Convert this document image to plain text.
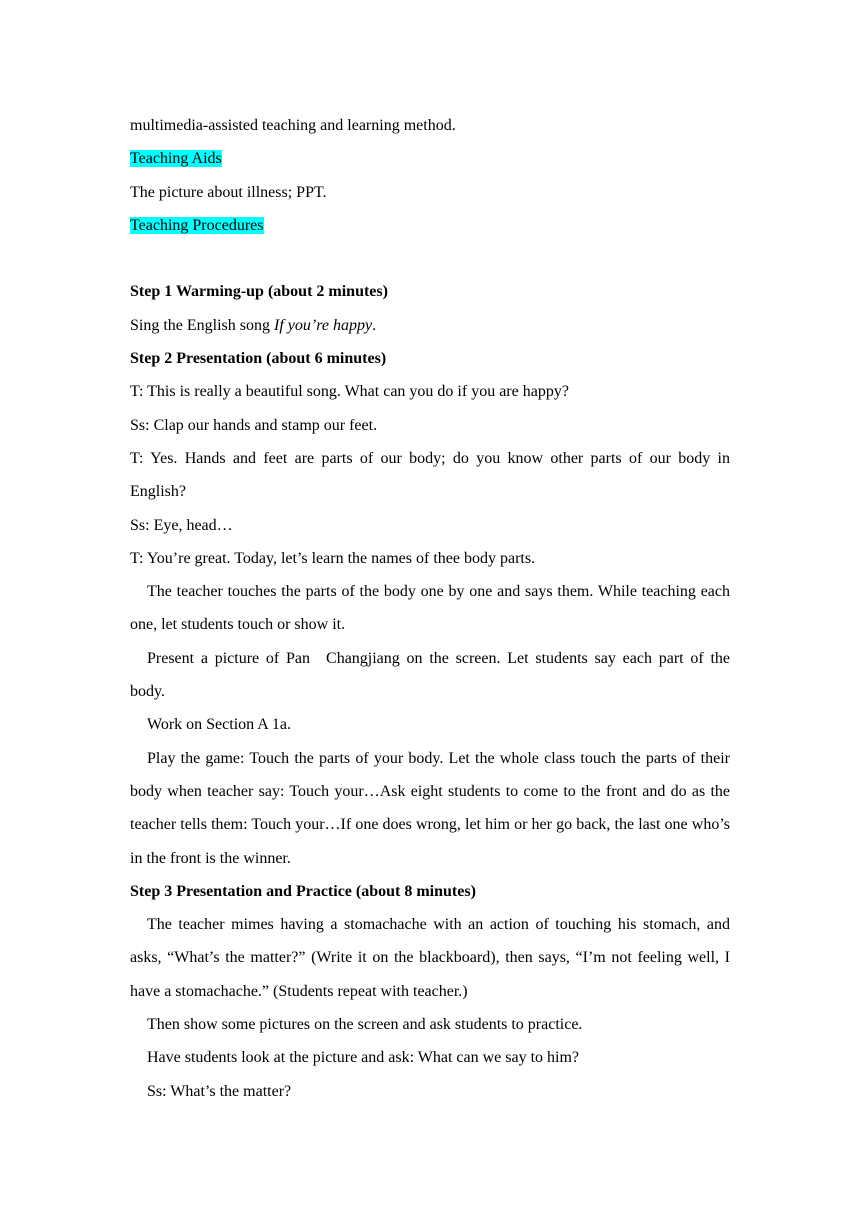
multimedia-assisted teaching and learning method.

Teaching Aids

The picture about illness; PPT.

Teaching Procedures

Step 1 Warming-up (about 2 minutes)

Sing the English song If you’re happy.

Step 2 Presentation (about 6 minutes)

T: This is really a beautiful song. What can you do if you are happy?

Ss: Clap our hands and stamp our feet.

T: Yes. Hands and feet are parts of our body; do you know other parts of our body in English?

Ss: Eye, head…

T: You’re great. Today, let’s learn the names of thee body parts.

The teacher touches the parts of the body one by one and says them. While teaching each one, let students touch or show it.

Present a picture of Pan Changjiang on the screen. Let students say each part of the body.

Work on Section A 1a.

Play the game: Touch the parts of your body. Let the whole class touch the parts of their body when teacher say: Touch your…Ask eight students to come to the front and do as the teacher tells them: Touch your…If one does wrong, let him or her go back, the last one who’s in the front is the winner.

Step 3 Presentation and Practice (about 8 minutes)

The teacher mimes having a stomachache with an action of touching his stomach, and asks, “What’s the matter?” (Write it on the blackboard), then says, “I’m not feeling well, I have a stomachache.” (Students repeat with teacher.)

Then show some pictures on the screen and ask students to practice.

Have students look at the picture and ask: What can we say to him?

Ss: What’s the matter?
